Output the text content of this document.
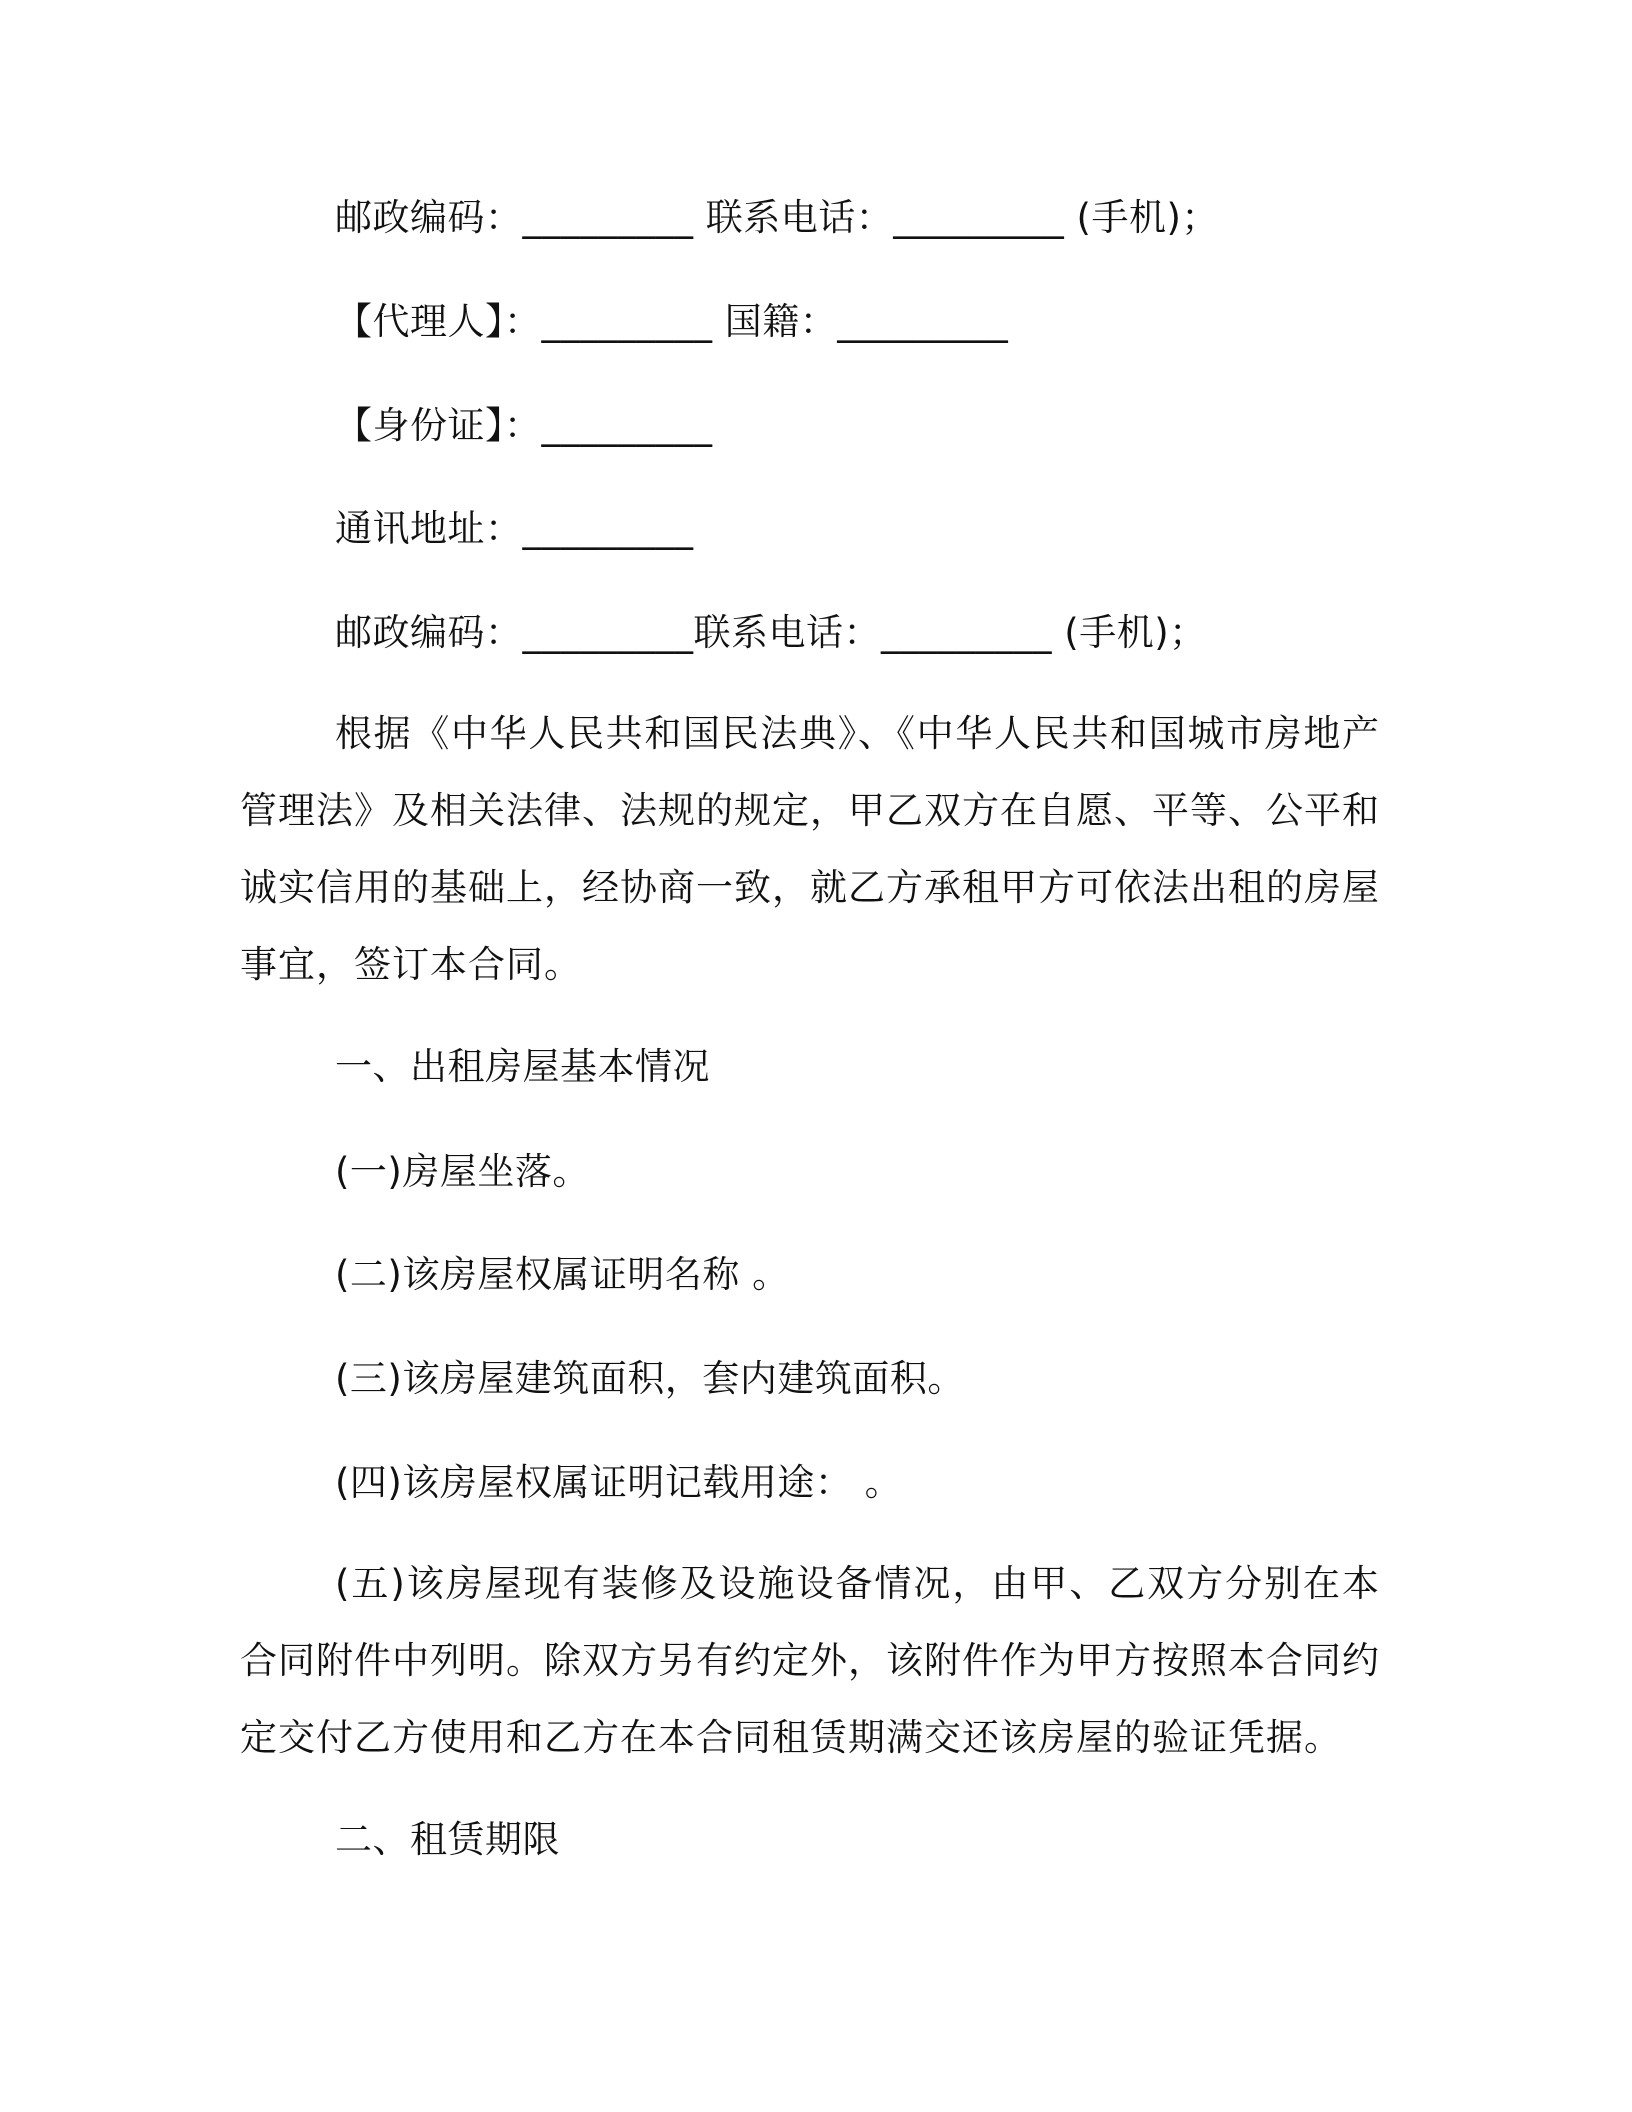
邮政编码：_________ 联系电话：_________ (手机)；
【代理人】：_________ 国籍：_________
【身份证】：_________
通讯地址：_________
邮政编码：_________联系电话：_________ (手机)；
根据《中华人民共和国民法典》、《中华人民共和国城市房地产管理法》及相关法律、法规的规定，甲乙双方在自愿、平等、公平和诚实信用的基础上，经协商一致，就乙方承租甲方可依法出租的房屋事宜，签订本合同。
一、出租房屋基本情况
(一)房屋坐落。
(二)该房屋权属证明名称 。
(三)该房屋建筑面积，套内建筑面积。
(四)该房屋权属证明记载用途： 。
(五)该房屋现有装修及设施设备情况，由甲、乙双方分别在本合同附件中列明。除双方另有约定外，该附件作为甲方按照本合同约定交付乙方使用和乙方在本合同租赁期满交还该房屋的验证凭据。
二、租赁期限
